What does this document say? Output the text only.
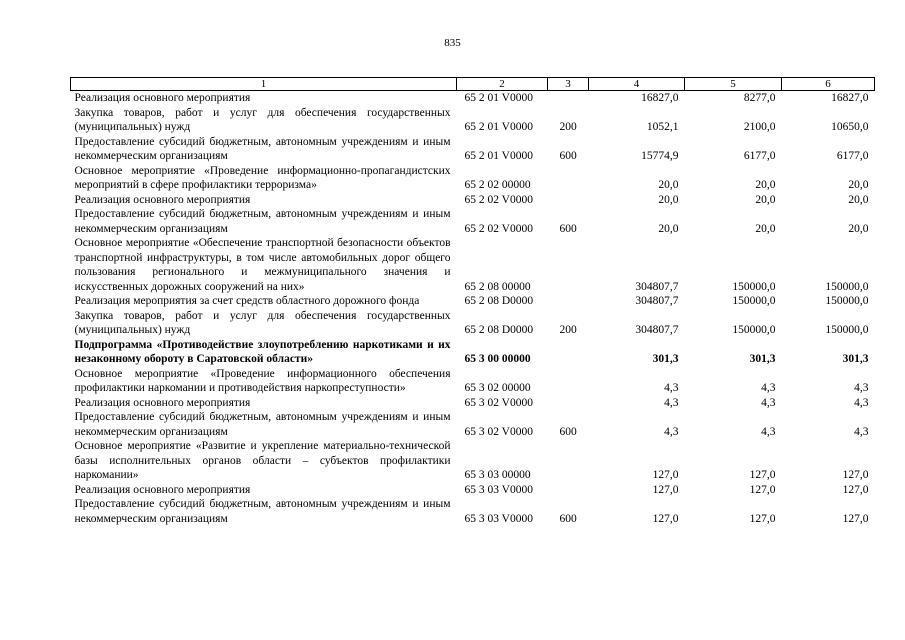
835
1	2	3	4	5	6
Реализация основного мероприятия	65 2 01 V0000		16827,0	8277,0	16827,0
Закупка товаров, работ и услуг для обеспечения государственных (муниципальных) нужд	65 2 01 V0000	200	1052,1	2100,0	10650,0
Предоставление субсидий бюджетным, автономным учреждениям и иным некоммерческим организациям	65 2 01 V0000	600	15774,9	6177,0	6177,0
Основное мероприятие «Проведение информационно-пропагандистских мероприятий в сфере профилактики терроризма»	65 2 02 00000		20,0	20,0	20,0
Реализация основного мероприятия	65 2 02 V0000		20,0	20,0	20,0
Предоставление субсидий бюджетным, автономным учреждениям и иным некоммерческим организациям	65 2 02 V0000	600	20,0	20,0	20,0
Основное мероприятие «Обеспечение транспортной безопасности объектов транспортной инфраструктуры, в том числе автомобильных дорог общего пользования регионального и межмуниципального значения и искусственных дорожных сооружений на них»	65 2 08 00000		304807,7	150000,0	150000,0
Реализация мероприятия за счет средств областного дорожного фонда	65 2 08 D0000		304807,7	150000,0	150000,0
Закупка товаров, работ и услуг для обеспечения государственных (муниципальных) нужд	65 2 08 D0000	200	304807,7	150000,0	150000,0
Подпрограмма «Противодействие злоупотреблению наркотиками и их незаконному обороту в Саратовской области»	65 3 00 00000		301,3	301,3	301,3
Основное мероприятие «Проведение информационного обеспечения профилактики наркомании и противодействия наркопреступности»	65 3 02 00000		4,3	4,3	4,3
Реализация основного мероприятия	65 3 02 V0000		4,3	4,3	4,3
Предоставление субсидий бюджетным, автономным учреждениям и иным некоммерческим организациям	65 3 02 V0000	600	4,3	4,3	4,3
Основное мероприятие «Развитие и укрепление материально-технической базы исполнительных органов области – субъектов профилактики наркомании»	65 3 03 00000		127,0	127,0	127,0
Реализация основного мероприятия	65 3 03 V0000		127,0	127,0	127,0
Предоставление субсидий бюджетным, автономным учреждениям и иным некоммерческим организациям	65 3 03 V0000	600	127,0	127,0	127,0
